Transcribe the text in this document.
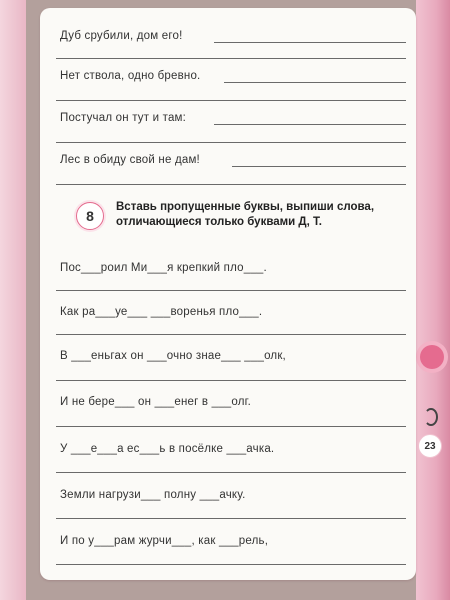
23
Дуб срубили, дом его!
Нет ствола, одно бревно.
Постучал он тут и там:
Лес в обиду свой не дам!
8
Вставь пропущенные буквы, выпиши слова, отличающиеся только буквами Д, Т.
Пос___роил Ми___я крепкий пло___.
Как ра___уе___ ___воренья пло___.
В ___еньгах он ___очно знае___ ___олк,
И не бере___ он ___енег в ___олг.
У ___е___а ес___ь в посёлке ___ачка.
Земли нагрузи___ полну ___ачку.
И по у___рам журчи___, как ___рель,
